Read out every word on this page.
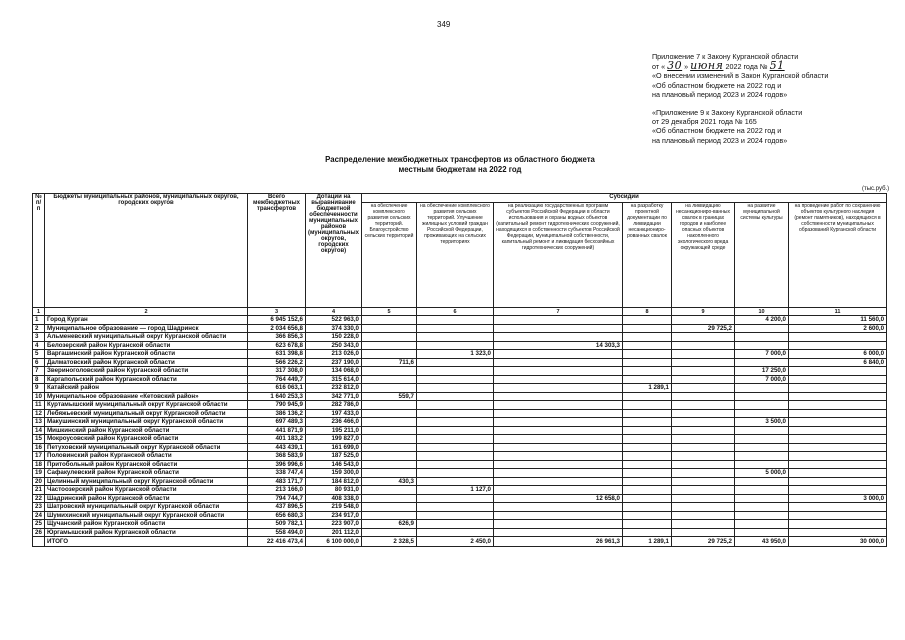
349

Приложение 7 к Закону Курганской области

от « 30 » июня 2022 года № 51

«О внесении изменений в Закон Курганской области

«Об областном бюджете на 2022 год и

на плановый период 2023 и 2024 годов»

«Приложение 9 к Закону Курганской области

от 29 декабря 2021 года № 165

«Об областном бюджете на 2022 год и

на плановый период 2023 и 2024 годов»

Распределение межбюджетных трансфертов из областного бюджета
местным бюджетам на 2022 год
(тыс.руб.)
№ п/п	Бюджеты муниципальных районов, муниципальных округов, городских округов	Всего межбюджетных трансфертов	Дотации на выравнивание бюджетной обеспеченности муниципальных районов (муниципальных округов, городских округов)	Субсидии						
				на обеспечение комплексного развития сельских территорий. Благоустройство сельских территорий	на обеспечение комплексного развития сельских территорий. Улучшение жилищных условий граждан Российской Федерации, проживающих на сельских территориях	на реализацию государственных программ субъектов Российской Федерации в области использования и охраны водных объектов (капитальный ремонт гидротехнических сооружений, находящихся в собственности субъектов Российской Федерации, муниципальной собственности, капитальный ремонт и ликвидация бесхозяйных гидротехнических сооружений)	на разработку проектной документации по ликвидации несанкциониро-рованных свалок	на ликвидацию несанкциониро-ванных свалок в границах городов и наиболее опасных объектов накопленного экологического вреда окружающей среде	на развитие муниципальной системы культуры	на проведение работ по сохранению объектов культурного наследия (ремонт памятников), находящихся в собственности муниципальных образований Курганской области
1	2	3	4	5	6	7	8	9	10	11
1	Город Курган	6 945 152,6	522 963,0						4 200,0	11 560,0
2	Муниципальное образование — город Шадринск	2 034 656,8	374 330,0					29 725,2		2 600,0
3	Альменевский муниципальный округ Курганской области	366 856,3	150 228,0							
4	Белозерский район Курганской области	623 678,8	250 343,0			14 303,3				
5	Варгашинский район Курганской области	631 398,8	213 026,0		1 323,0				7 000,0	6 000,0
6	Далматовский район Курганской области	566 226,2	237 190,0	711,6						6 840,0
7	Звериноголовский район Курганской области	317 308,0	134 068,0						17 250,0	
8	Каргапольский район Курганской области	764 449,7	315 614,0						7 000,0	
9	Катайский район	616 063,1	232 812,0				1 289,1			
10	Муниципальное образование «Кетовский район»	1 640 253,3	342 771,0	559,7						
11	Куртамышский муниципальный округ Курганской области	790 945,9	282 786,0							
12	Лебяжьевский муниципальный округ Курганской области	386 136,2	197 433,0							
13	Макушинский муниципальный округ Курганской области	697 489,3	236 466,0						3 500,0	
14	Мишкинский район Курганской области	441 871,9	195 211,0							
15	Мокроусовский район Курганской области	401 183,2	199 827,0							
16	Петуховский муниципальный округ Курганской области	443 439,1	161 699,0							
17	Половинский район Курганской области	368 583,9	187 525,0							
18	Притобольный район Курганской области	396 996,6	146 543,0							
19	Сафакулевский район Курганской области	338 747,4	159 300,0						5 000,0	
20	Целинный муниципальный округ Курганской области	483 171,7	184 812,0	430,3						
21	Частоозерский район Курганской области	213 166,0	80 931,0		1 127,0					
22	Шадринский район Курганской области	794 744,7	408 338,0			12 658,0				3 000,0
23	Шатровский муниципальный округ Курганской области	437 896,5	219 548,0							
24	Шумихинский муниципальный округ Курганской области	656 680,3	234 917,0							
25	Щучанский район Курганской области	509 782,1	223 907,0	626,9						
26	Юргамышский район Курганской области	558 494,0	201 112,0							
	ИТОГО	22 416 473,4	6 100 000,0	2 328,5	2 450,0	26 961,3	1 289,1	29 725,2	43 950,0	30 000,0
